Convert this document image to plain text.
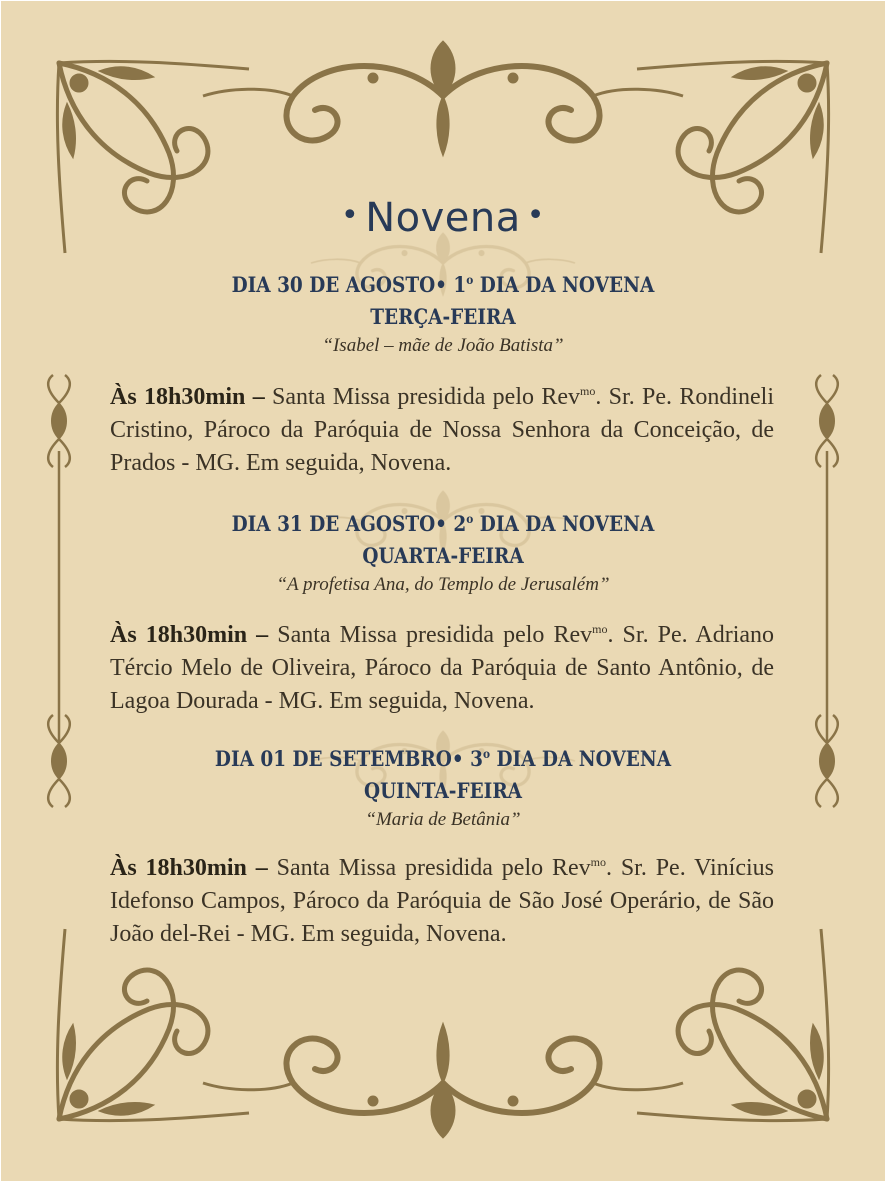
• Novena •
DIA 30 DE AGOSTO• 1$^o$ DIA DA NOVENA
TERÇA-FEIRA
“Isabel – mãe de João Batista”
Às 18h30min – Santa Missa presidida pelo Rev$^{mo}$. Sr. Pe. Rondineli Cristino, Pároco da Paróquia de Nossa Senhora da Conceição, de Prados - MG. Em seguida, Novena.
DIA 31 DE AGOSTO• 2$^o$ DIA DA NOVENA
QUARTA-FEIRA
“A profetisa Ana, do Templo de Jerusalém”
Às 18h30min – Santa Missa presidida pelo Rev$^{mo}$. Sr. Pe. Adriano Tércio Melo de Oliveira, Pároco da Paróquia de Santo Antônio, de Lagoa Dourada - MG. Em seguida, Novena.
DIA 01 DE SETEMBRO• 3$^o$ DIA DA NOVENA
QUINTA-FEIRA
“Maria de Betânia”
Às 18h30min – Santa Missa presidida pelo Rev$^{mo}$. Sr. Pe. Vinícius Idefonso Campos, Pároco da Paróquia de São José Operário, de São João del-Rei - MG. Em seguida, Novena.
